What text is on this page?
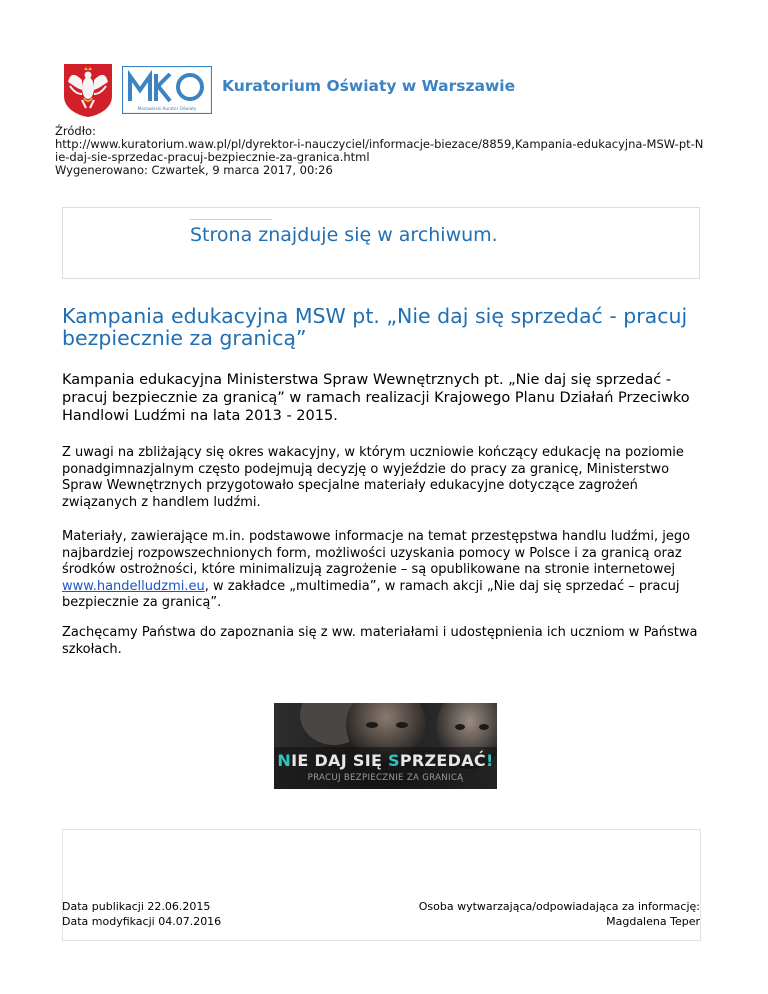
Mazowiecki Kurator Oświaty
Kuratorium Oświaty w Warszawie
Źródło:
http://www.kuratorium.waw.pl/pl/dyrektor-i-nauczyciel/informacje-biezace/8859,Kampania-edukacyjna-MSW-pt-Nie-daj-sie-sprzedac-pracuj-bezpiecznie-za-granica.html
Wygenerowano: Czwartek, 9 marca 2017, 00:26
Strona znajduje się w archiwum.
Kampania edukacyjna MSW pt. „Nie daj się sprzedać - pracuj bezpiecznie za granicą”

Kampania edukacyjna Ministerstwa Spraw Wewnętrznych pt. „Nie daj się sprzedać - pracuj bezpiecznie za granicą” w ramach realizacji Krajowego Planu Działań Przeciwko Handlowi Ludźmi na lata 2013 - 2015.

Z uwagi na zbliżający się okres wakacyjny, w którym uczniowie kończący edukację na poziomie ponadgimnazjalnym często podejmują decyzję o wyjeździe do pracy za granicę, Ministerstwo Spraw Wewnętrznych przygotowało specjalne materiały edukacyjne dotyczące zagrożeń związanych z handlem ludźmi.

Materiały, zawierające m.in. podstawowe informacje na temat przestępstwa handlu ludźmi, jego najbardziej rozpowszechnionych form, możliwości uzyskania pomocy w Polsce i za granicą oraz środków ostrożności, które minimalizują zagrożenie – są opublikowane na stronie internetowej www.handelludzmi.eu, w zakładce „multimedia”, w ramach akcji „Nie daj się sprzedać – pracuj bezpiecznie za granicą”.

Zachęcamy Państwa do zapoznania się z ww. materiałami i udostępnienia ich uczniom w Państwa szkołach.

NIE DAJ SIĘ SPRZEDAĆ!
PRACUJ BEZPIECZNIE ZA GRANICĄ
Data publikacji 22.06.2015
Data modyfikacji 04.07.2016
Osoba wytwarzająca/odpowiadająca za informację:
Magdalena Teper
